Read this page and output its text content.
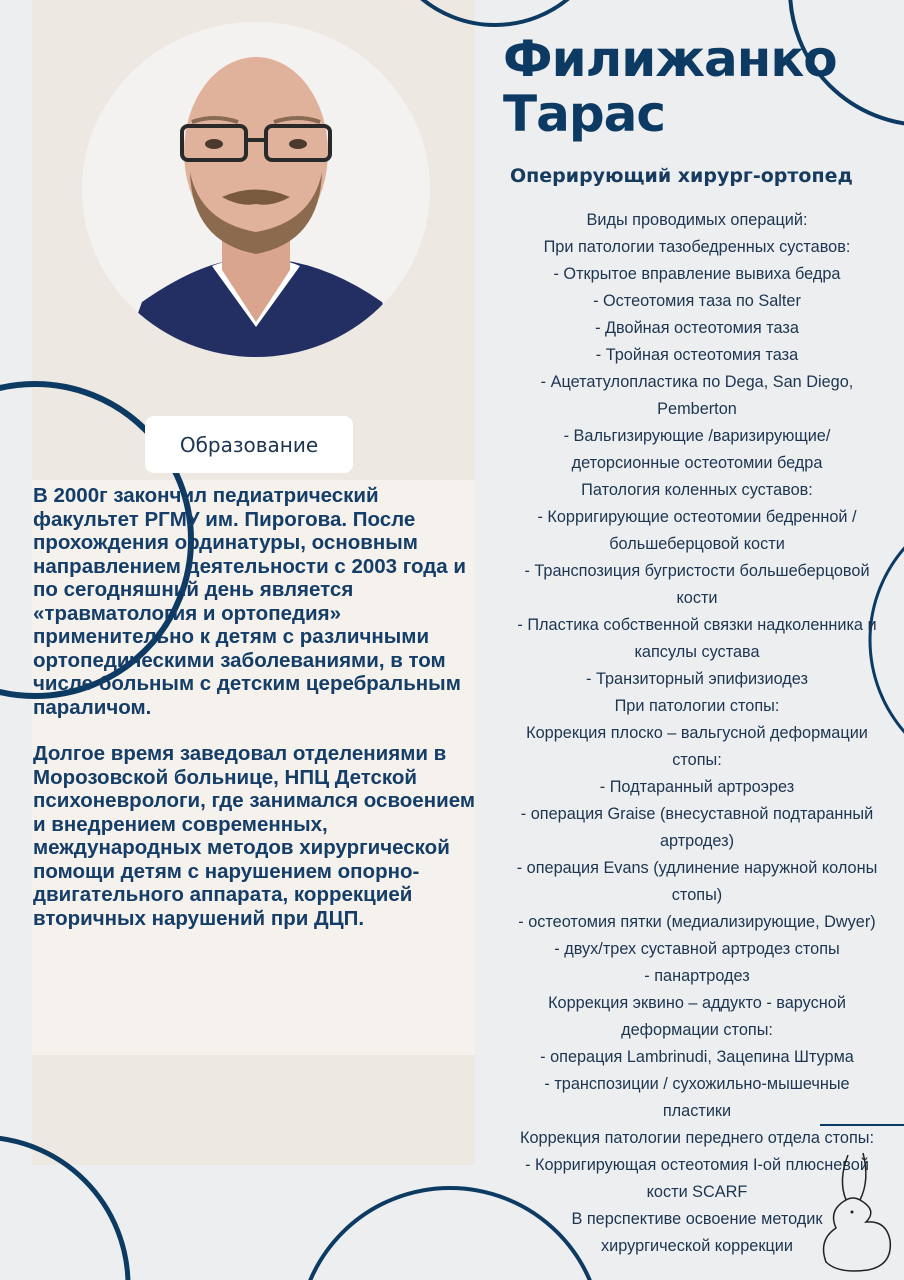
Образование

В 2000г закончил педиатрический факультет РГМУ им. Пирогова. После прохождения ординатуры, основным направлением деятельности с 2003 года и по сегодняшний день является «травматология и ортопедия» применительно к детям с различными ортопедическими заболеваниями, в том числе больным с детским церебральным параличом.

Долгое время заведовал отделениями в Морозовской больнице, НПЦ Детской психоневрологи, где занимался освоением и внедрением современных, международных методов хирургической помощи детям с нарушением опорно-двигательного аппарата, коррекцией вторичных нарушений при ДЦП.

Филижанко
Тарас
Оперирующий хирург-ортопед
Виды проводимых операций:
При патологии тазобедренных суставов:
- Открытое вправление вывиха бедра
- Остеотомия таза по Salter
- Двойная остеотомия таза
- Тройная остеотомия таза
- Ацетатулопластика по Dega, San Diego,
Pemberton
- Вальгизирующие /варизирующие/
деторсионные остеотомии бедра
Патология коленных суставов:
- Корригирующие остеотомии бедренной /
большеберцовой кости
- Транспозиция бугристости большеберцовой
кости
- Пластика собственной связки надколенника и
капсулы сустава
- Транзиторный эпифизиодез
При патологии стопы:
Коррекция плоско – вальгусной деформации
стопы:
- Подтаранный артроэрез
- операция Graise (внесуставной подтаранный
артродез)
- операция Evans (удлинение наружной колоны
стопы)
- остеотомия пятки (медиализирующие, Dwyer)
- двух/трех суставной артродез стопы
- панартродез
Коррекция эквино – аддукто - варусной
деформации стопы:
- операция Lambrinudi, Зацепина Штурма
- транспозиции / сухожильно-мышечные
пластики
Коррекция патологии переднего отдела стопы:
- Корригирующая остеотомия I-ой плюсневой
кости SCARF
В перспективе освоение методик
хирургической коррекции
